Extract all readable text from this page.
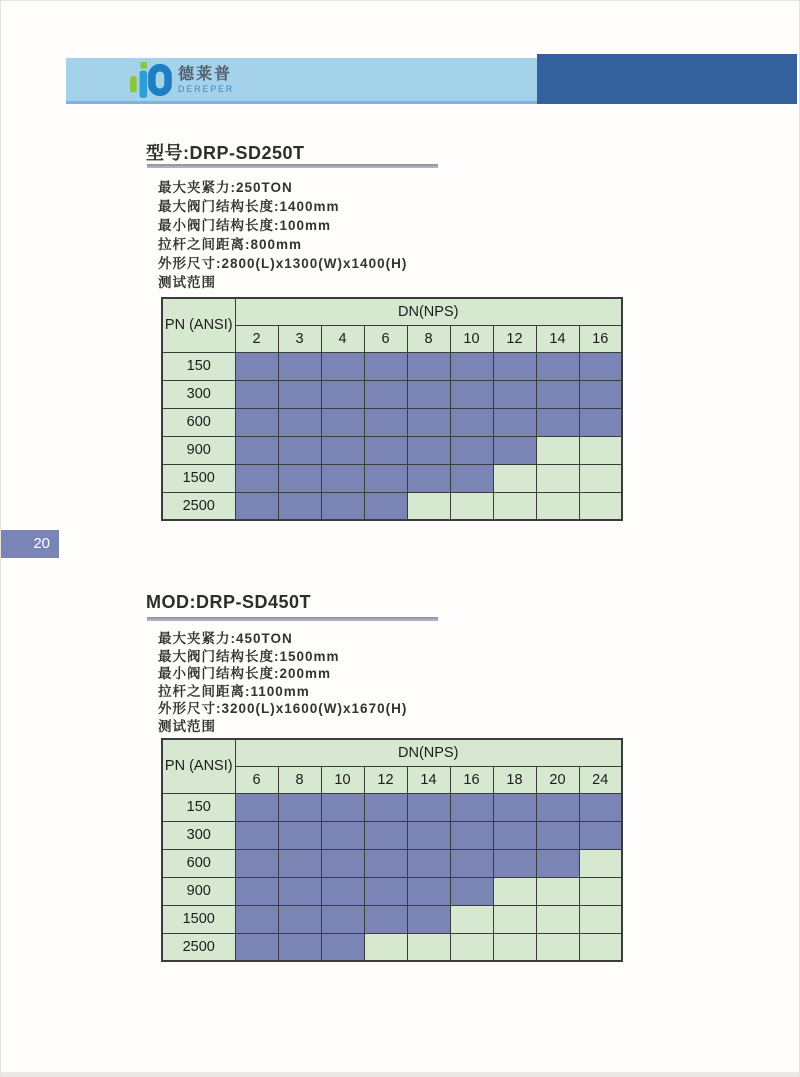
德莱普
DEREPER
型号:DRP-SD250T
最大夹紧力:250TON
最大阀门结构长度:1400mm
最小阀门结构长度:100mm
拉杆之间距离:800mm
外形尺寸:2800(L)x1300(W)x1400(H)
测试范围
PN (ANSI)	DN(NPS)								
	2	3	4	6	8	10	12	14	16
150									
300									
600									
900									
1500									
2500									
20
MOD:DRP-SD450T
最大夹紧力:450TON
最大阀门结构长度:1500mm
最小阀门结构长度:200mm
拉杆之间距离:1100mm
外形尺寸:3200(L)x1600(W)x1670(H)
测试范围
PN (ANSI)	DN(NPS)								
	6	8	10	12	14	16	18	20	24
150									
300									
600									
900									
1500									
2500									
